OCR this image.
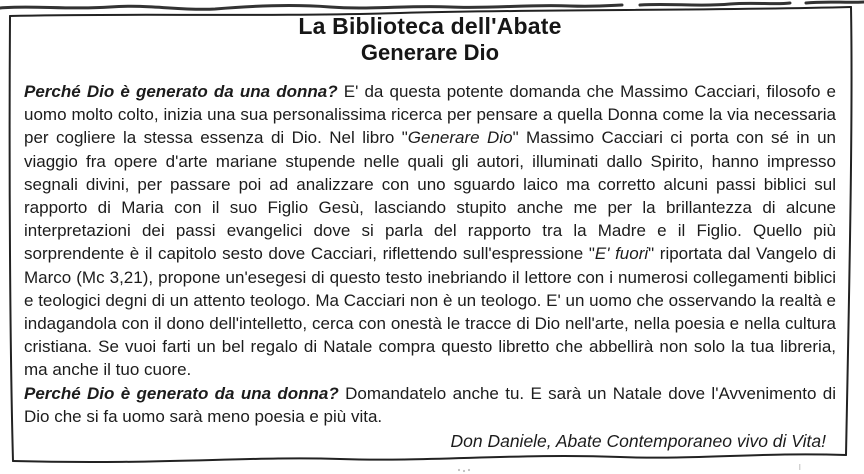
La Biblioteca dell'Abate
Generare Dio

Perché Dio è generato da una donna? E' da questa potente domanda che Massimo Cacciari, filosofo e uomo molto colto, inizia una sua personalissima ricerca per pensare a quella Donna come la via necessaria per cogliere la stessa essenza di Dio. Nel libro "Generare Dio" Massimo Cacciari ci porta con sé in un viaggio fra opere d'arte mariane stupende nelle quali gli autori, illuminati dallo Spirito, hanno impresso segnali divini, per passare poi ad analizzare con uno sguardo laico ma corretto alcuni passi biblici sul rapporto di Maria con il suo Figlio Gesù, lasciando stupito anche me per la brillantezza di alcune interpretazioni dei passi evangelici dove si parla del rapporto tra la Madre e il Figlio. Quello più sorprendente è il capitolo sesto dove Cacciari, riflettendo sull'espressione "E' fuori" riportata dal Vangelo di Marco (Mc 3,21), propone un'esegesi di questo testo inebriando il lettore con i numerosi collegamenti biblici e teologici degni di un attento teologo. Ma Cacciari non è un teologo. E' un uomo che osservando la realtà e indagandola con il dono dell'intelletto, cerca con onestà le tracce di Dio nell'arte, nella poesia e nella cultura cristiana. Se vuoi farti un bel regalo di Natale compra questo libretto che abbellirà non solo la tua libreria, ma anche il tuo cuore.

Perché Dio è generato da una donna? Domandatelo anche tu. E sarà un Natale dove l'Avvenimento di Dio che si fa uomo sarà meno poesia e più vita.

Don Daniele, Abate Contemporaneo vivo di Vita!
